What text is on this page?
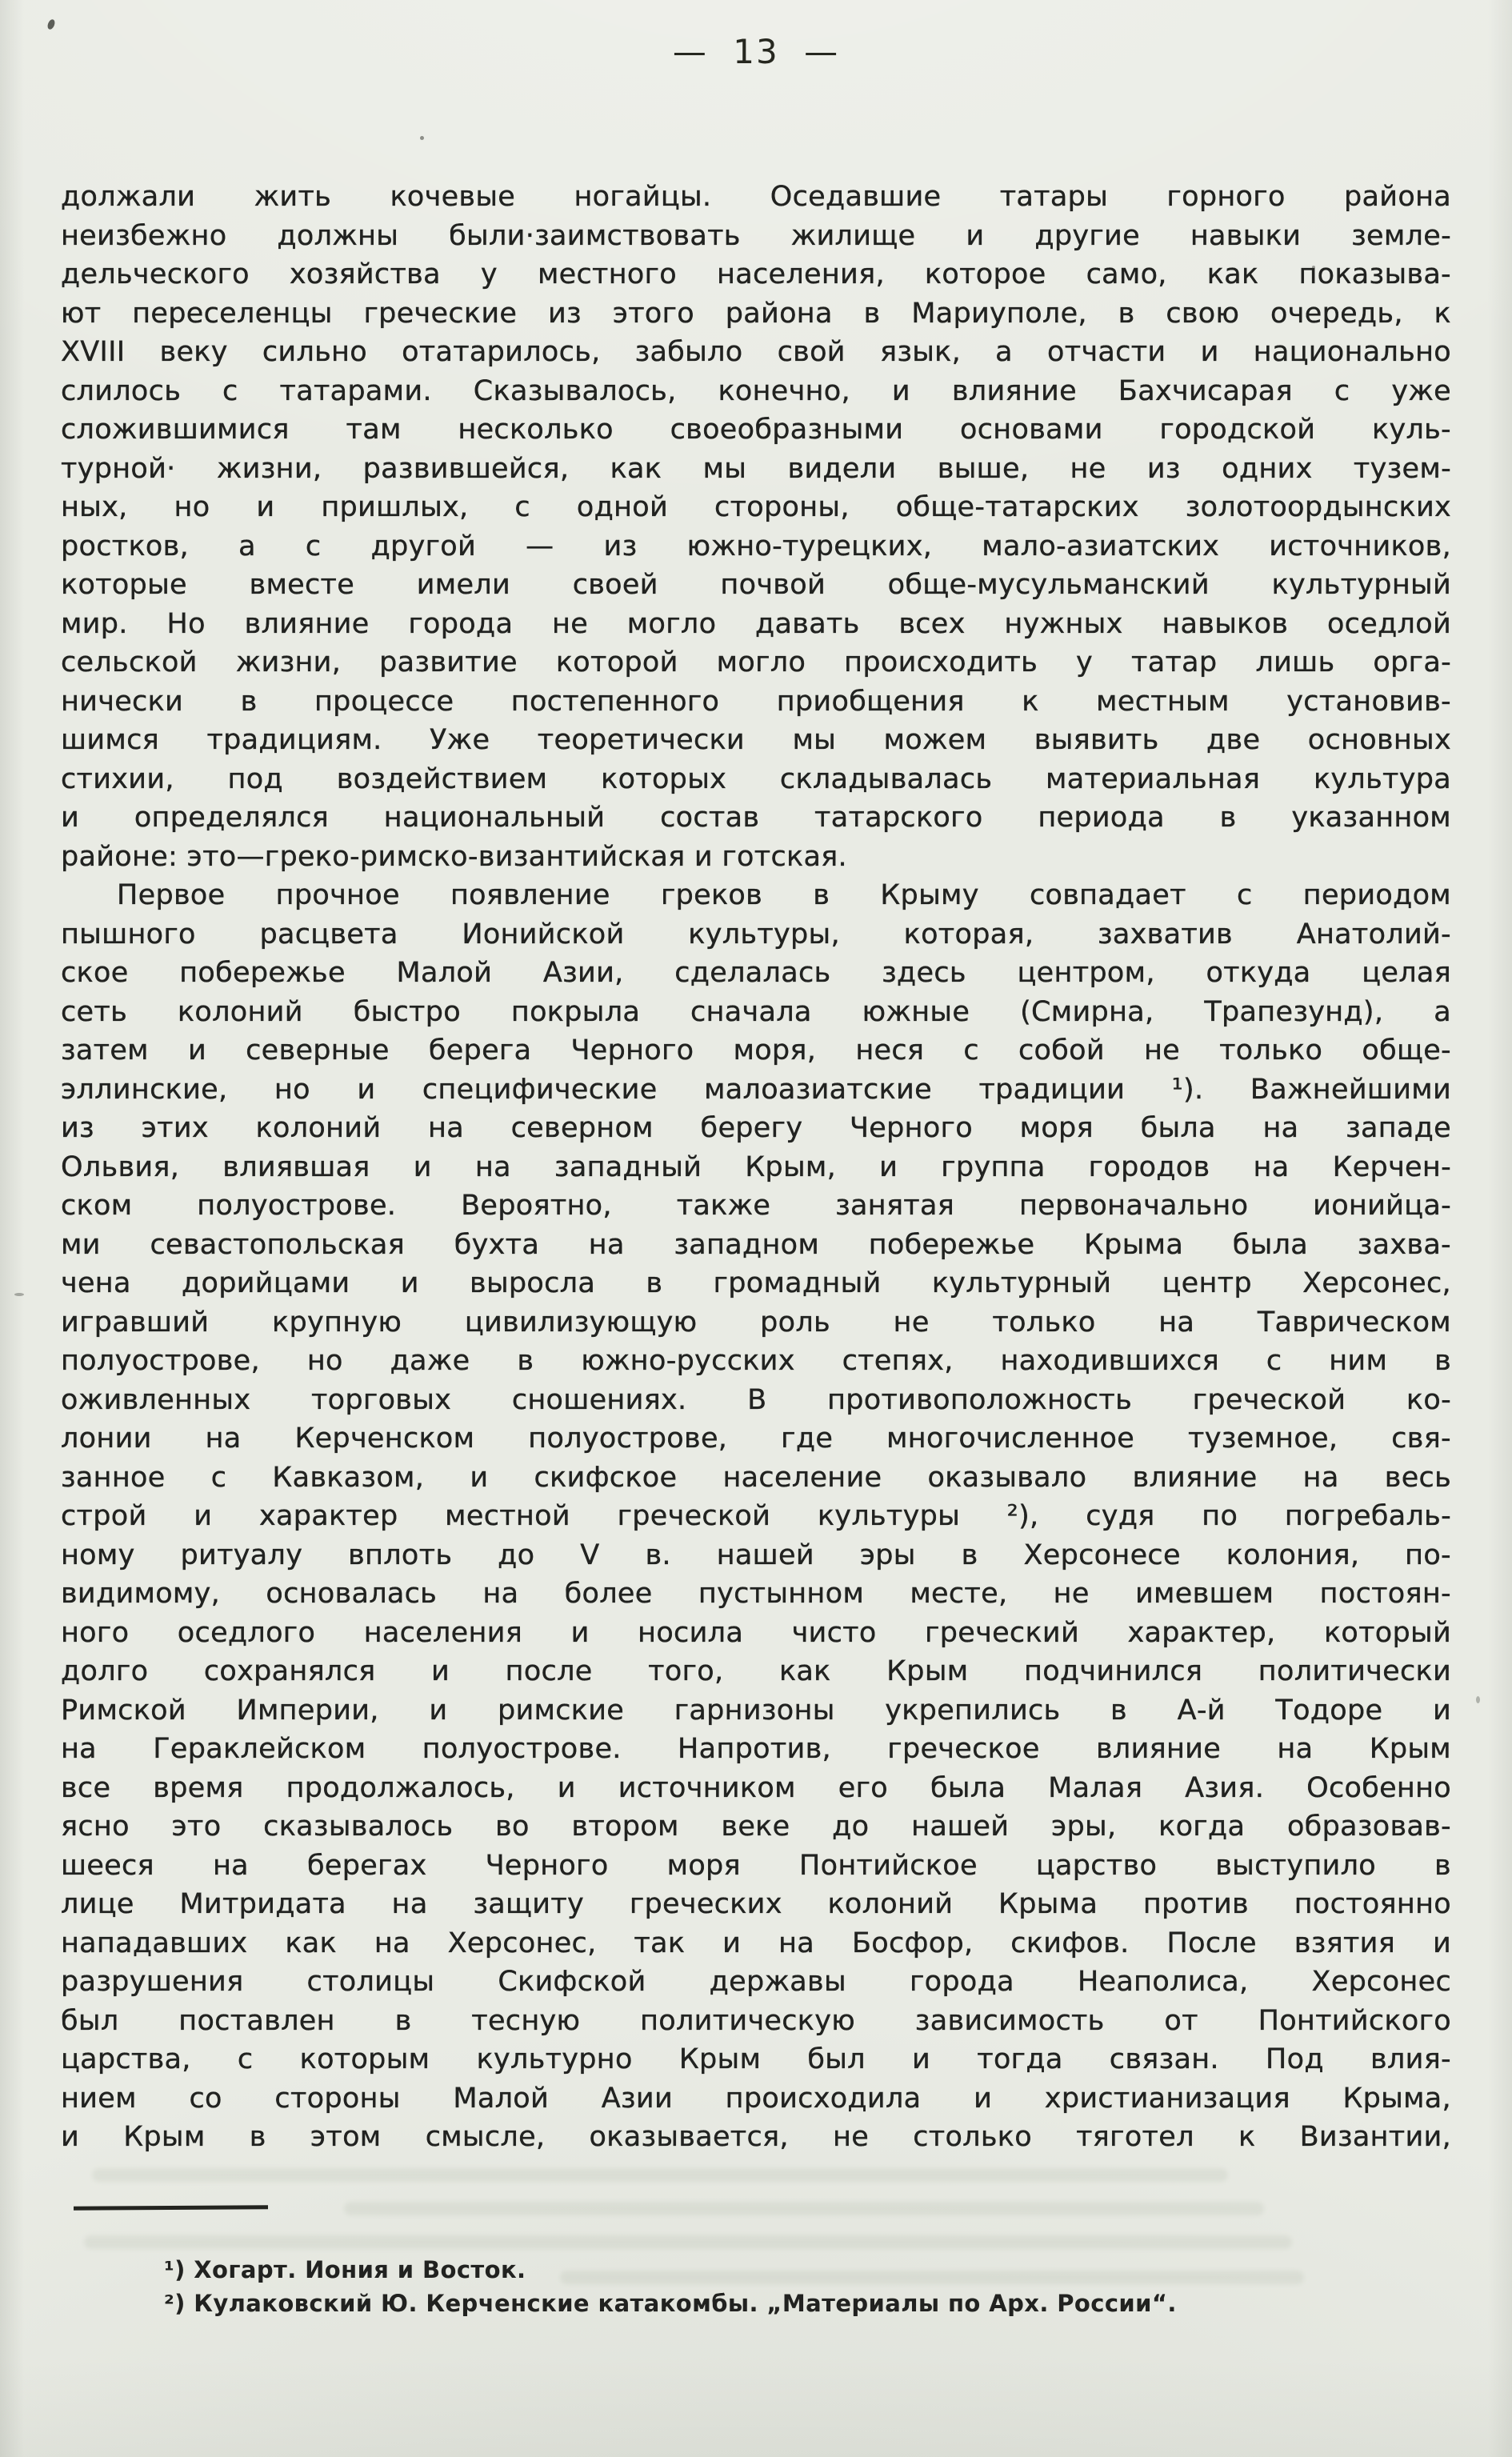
— 13 —
должали жить кочевые ногайцы. Оседавшие татары горного района
неизбежно должны были·заимствовать жилище и другие навыки земле-
дельческого хозяйства у местного населения, которое само, как показыва-
ют переселенцы греческие из этого района в Мариуполе, в свою очередь, к
XVIII веку сильно отатарилось, забыло свой язык, а отчасти и национально
слилось с татарами. Сказывалось, конечно, и влияние Бахчисарая с уже
сложившимися там несколько своеобразными основами городской куль-
турной· жизни, развившейся, как мы видели выше, не из одних тузем-
ных, но и пришлых, с одной стороны, обще-татарских золотоордынских
ростков, а с другой — из южно-турецких, мало-азиатских источников,
которые вместе имели своей почвой обще-мусульманский культурный
мир. Но влияние города не могло давать всех нужных навыков оседлой
сельской жизни, развитие которой могло происходить у татар лишь орга-
нически в процессе постепенного приобщения к местным установив-
шимся традициям. Уже теоретически мы можем выявить две основных
стихии, под воздействием которых складывалась материальная культура
и определялся национальный состав татарского периода в указанном
районе: это—греко-римско-византийская и готская.
Первое прочное появление греков в Крыму совпадает с периодом
пышного расцвета Ионийской культуры, которая, захватив Анатолий-
ское побережье Малой Азии, сделалась здесь центром, откуда целая
сеть колоний быстро покрыла сначала южные (Смирна, Трапезунд), а
затем и северные берега Черного моря, неся с собой не только обще-
эллинские, но и специфические малоазиатские традиции ¹). Важнейшими
из этих колоний на северном берегу Черного моря была на западе
Ольвия, влиявшая и на западный Крым, и группа городов на Керчен-
ском полуострове. Вероятно, также занятая первоначально ионийца-
ми севастопольская бухта на западном побережье Крыма была захва-
чена дорийцами и выросла в громадный культурный центр Херсонес,
игравший крупную цивилизующую роль не только на Таврическом
полуострове, но даже в южно-русских степях, находившихся с ним в
оживленных торговых сношениях. В противоположность греческой ко-
лонии на Керченском полуострове, где многочисленное туземное, свя-
занное с Кавказом, и скифское население оказывало влияние на весь
строй и характер местной греческой культуры ²), судя по погребаль-
ному ритуалу вплоть до V в. нашей эры в Херсонесе колония, по-
видимому, основалась на более пустынном месте, не имевшем постоян-
ного оседлого населения и носила чисто греческий характер, который
долго сохранялся и после того, как Крым подчинился политически
Римской Империи, и римские гарнизоны укрепились в А-й Тодоре и
на Гераклейском полуострове. Напротив, греческое влияние на Крым
все время продолжалось, и источником его была Малая Азия. Особенно
ясно это сказывалось во втором веке до нашей эры, когда образовав-
шееся на берегах Черного моря Понтийское царство выступило в
лице Митридата на защиту греческих колоний Крыма против постоянно
нападавших как на Херсонес, так и на Босфор, скифов. После взятия и
разрушения столицы Скифской державы города Неаполиса, Херсонес
был поставлен в тесную политическую зависимость от Понтийского
царства, с которым культурно Крым был и тогда связан. Под влия-
нием со стороны Малой Азии происходила и христианизация Крыма,
и Крым в этом смысле, оказывается, не столько тяготел к Византии,
¹) Хогарт. Иония и Восток.
²) Кулаковский Ю. Керченские катакомбы. „Материалы по Арх. России“.
